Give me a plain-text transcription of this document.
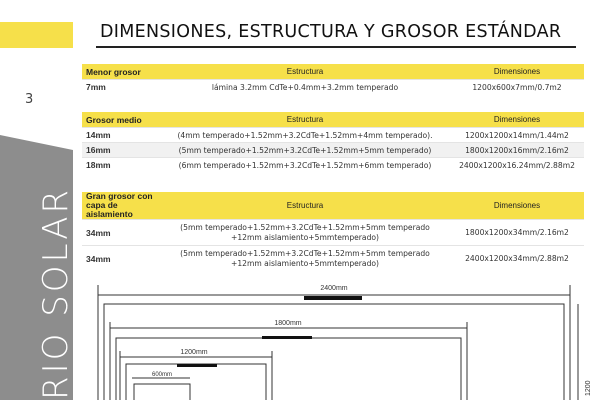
3
RIO SOLAR
DIMENSIONES, ESTRUCTURA Y GROSOR ESTÁNDAR
Menor grosor	Estructura	Dimensiones
7mm	lámina 3.2mm CdTe+0.4mm+3.2mm temperado	1200x600x7mm/0.7m2
Grosor medio	Estructura	Dimensiones
14mm	(4mm temperado+1.52mm+3.2CdTe+1.52mm+4mm temperado).	1200x1200x14mm/1.44m2
16mm	(5mm temperado+1.52mm+3.2CdTe+1.52mm+5mm temperado)	1800x1200x16mm/2.16m2
18mm	(6mm temperado+1.52mm+3.2CdTe+1.52mm+6mm temperado)	2400x1200x16.24mm/2.88m2
Gran grosor con capa de aislamiento	Estructura	Dimensiones
34mm	(5mm temperado+1.52mm+3.2CdTe+1.52mm+5mm temperado
+12mm aislamiento+5mmtemperado)	1800x1200x34mm/2.16m2
34mm	(5mm temperado+1.52mm+3.2CdTe+1.52mm+5mm temperado
+12mm aislamiento+5mmtemperado)	2400x1200x34mm/2.88m2
2400mm
1800mm
1200mm
600mm
1200
